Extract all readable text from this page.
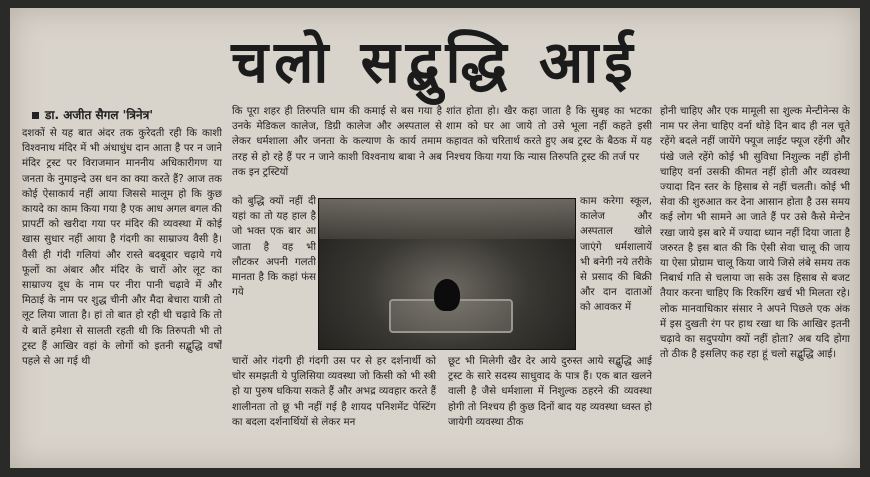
चलो सद्बुद्धि आई
डा. अजीत सैगल 'त्रिनेत्र'

दशकों से यह बात अंदर तक कुरेदती रही कि काशी विश्वनाथ मंदिर में भी अंधाधुंध दान आता है पर न जाने मंदिर ट्रस्ट पर विराजमान माननीय अधिकारीगण या जनता के नुमाइन्दे उस धन का क्या करते हैं? आज तक कोई ऐसाकार्य नहीं आया जिससे मालूम हो कि कुछ कायदे का काम किया गया है एक आध अगल बगल की प्रापर्टी को खरीदा गया पर मंदिर की व्यवस्था में कोई खास सुधार नहीं आया है गंदगी का साम्राज्य वैसी है। वैसी ही गंदी गलियां और रास्ते बदबूदार चढ़ाये गये फूलों का अंबार और मंदिर के चारों ओर लूट का साम्राज्य दूध के नाम पर नीरा पानी चढ़ावे में और मिठाई के नाम पर शुद्ध चीनी और मैदा बेचारा यात्री तो लूट लिया जाता है। हां तो बात हो रही थी चढ़ावे कि तो ये बातें हमेशा से सालती रहती थी कि तिरुपती भी तो ट्रस्ट हैं आखिर वहां के लोगों को इतनी सद्बुद्धि वर्षों पहले से आ गई थी

कि पूरा शहर ही तिरुपति धाम की कमाई से बस गया है उनके मेडिकल कालेज, डिग्री कालेज और अस्पताल से लेकर धर्मशाला और जनता के कल्याण के कार्य तमाम तरह से हो रहे हैं पर न जाने काशी विश्वनाथ बाबा ने अब तक इन ट्रस्टियों

को बुद्धि क्यों नहीं दी यहां का तो यह हाल है जो भक्त एक बार आ जाता है वह भी लौटकर अपनी गलती मानता है कि कहां फंस गये

शांत होता हो। खैर कहा जाता है कि सुबह का भटका शाम को घर आ जाये तो उसे भूला नहीं कहते इसी कहावत को चरितार्थ करते हुए अब ट्रस्ट के बैठक में यह निश्चय किया गया कि न्यास तिरुपति ट्रस्ट की तर्ज पर

काम करेगा स्कूल, कालेज और अस्पताल खोले जाएंगे धर्मशालायें भी बनेगी नये तरीके से प्रसाद की बिक्री और दान दाताओं को आवकर में

चारों ओर गंदगी ही गंदगी उस पर से हर दर्शनार्थी को चोर समझती ये पुलिसिया व्यवस्था जो किसी को भी स्त्री हो या पुरुष धकिया सकते हैं और अभद्र व्यवहार करते हैं शालीनता तो छू भी नहीं गई है शायद पनिशमेंट पेस्टिंग का बदला दर्शनार्थियों से लेकर मन

छूट भी मिलेगी खैर देर आये दुरुस्त आये सद्बुद्धि आई ट्रस्ट के सारे सदस्य साधुवाद के पात्र हैं। एक बात खलने वाली है जैसे धर्मशाला में निशुल्क ठहरने की व्यवस्था होगी तो निश्चय ही कुछ दिनों बाद यह व्यवस्था ध्वस्त हो जायेगी व्यवस्था ठीक

होनी चाहिए और एक मामूली सा शुल्क मेन्टीनेन्स के नाम पर लेना चाहिए वर्ना थोड़े दिन बाद ही नल चूते रहेंगे बदले नहीं जायेंगे फ्यूज लाईट फ्यूज रहेंगी और पंखे जले रहेंगे कोई भी सुविधा निशुल्क नहीं होनी चाहिए वर्ना उसकी कीमत नहीं होती और व्यवस्था ज्यादा दिन स्तर के हिसाब से नहीं चलती। कोई भी सेवा की शुरुआत कर देना आसान होता है उस समय कई लोग भी सामने आ जाते हैं पर उसे कैसे मेन्टेन रखा जाये इस बारे में ज्यादा ध्यान नहीं दिया जाता है जरुरत है इस बात की कि ऐसी सेवा चालू की जाय या ऐसा प्रोग्राम चालू किया जाये जिसे लंबे समय तक निबार्ध गति से चलाया जा सके उस हिसाब से बजट तैयार करना चाहिए कि रिकरिंग खर्च भी मिलता रहे। लोक मानवाधिकार संसार ने अपने पिछले एक अंक में इस दुखती रंग पर हाथ रखा था कि आखिर इतनी चढ़ावे का सदुपयोग क्यों नहीं होता? अब यदि होगा तो ठीक है इसलिए कह रहा हूं चलो सद्बुद्धि आई।
